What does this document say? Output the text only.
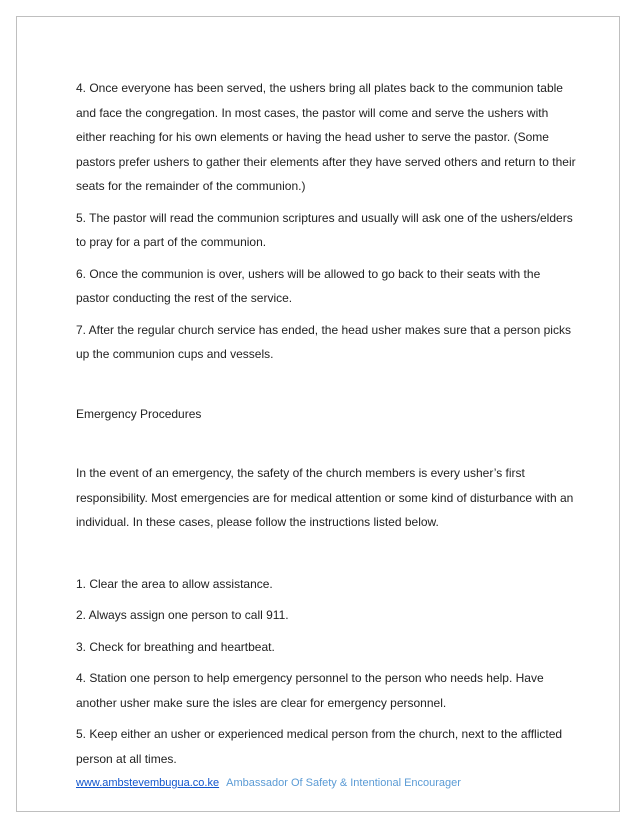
4. Once everyone has been served, the ushers bring all plates back to the communion table and face the congregation. In most cases, the pastor will come and serve the ushers with either reaching for his own elements or having the head usher to serve the pastor. (Some pastors prefer ushers to gather their elements after they have served others and return to their seats for the remainder of the communion.)

5. The pastor will read the communion scriptures and usually will ask one of the ushers/elders to pray for a part of the communion.

6. Once the communion is over, ushers will be allowed to go back to their seats with the pastor conducting the rest of the service.

7. After the regular church service has ended, the head usher makes sure that a person picks up the communion cups and vessels.

Emergency Procedures

In the event of an emergency, the safety of the church members is every usher’s first responsibility. Most emergencies are for medical attention or some kind of disturbance with an individual. In these cases, please follow the instructions listed below.

1. Clear the area to allow assistance.

2. Always assign one person to call 911.

3. Check for breathing and heartbeat.

4. Station one person to help emergency personnel to the person who needs help. Have another usher make sure the isles are clear for emergency personnel.

5. Keep either an usher or experienced medical person from the church, next to the afflicted person at all times.

www.ambstevembugua.co.ke Ambassador Of Safety & Intentional Encourager
